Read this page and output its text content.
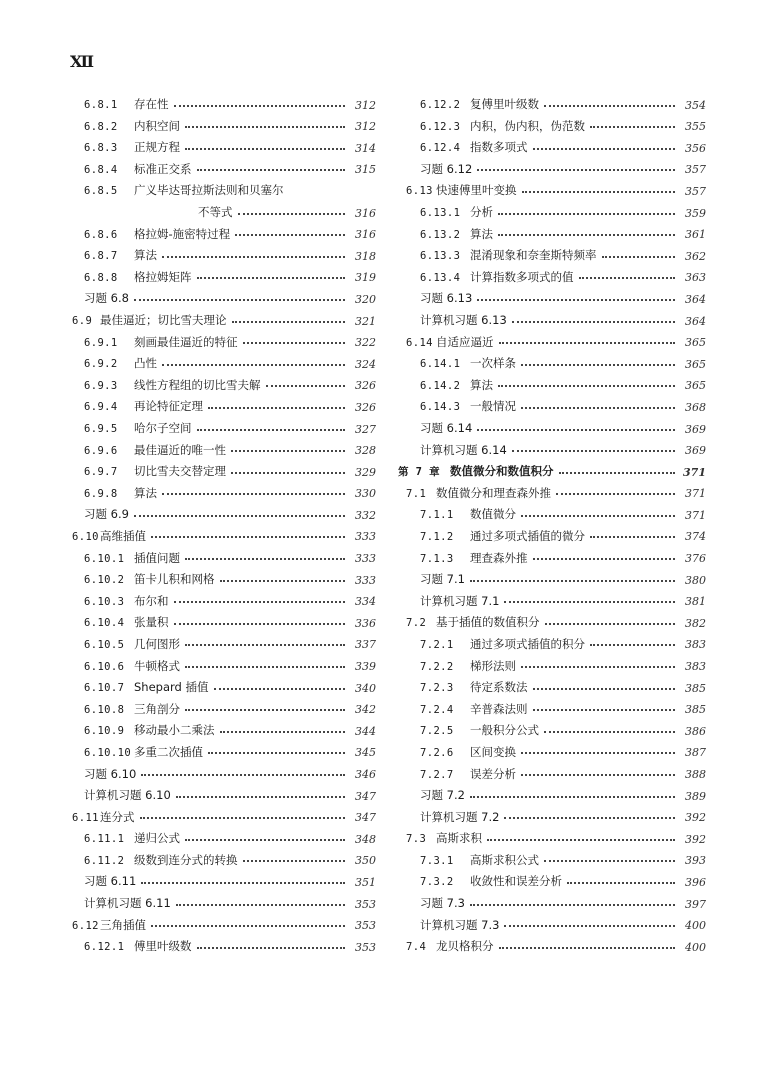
Ⅻ
6.8.1	存在性	312
6.8.2	内积空间	312
6.8.3	正规方程	314
6.8.4	标准正交系	315
6.8.5	广义毕达哥拉斯法则和贝塞尔
不等式	316
6.8.6	格拉姆-施密特过程	316
6.8.7	算法	318
6.8.8	格拉姆矩阵	319
习题 6.8	320
6.9 最佳逼近；切比雪夫理论	321
6.9.1	刻画最佳逼近的特征	322
6.9.2	凸性	324
6.9.3	线性方程组的切比雪夫解	326
6.9.4	再论特征定理	326
6.9.5	哈尔子空间	327
6.9.6	最佳逼近的唯一性	328
6.9.7	切比雪夫交替定理	329
6.9.8	算法	330
习题 6.9	332
6.10 高维插值	333
6.10.1 插值问题	333
6.10.2 笛卡儿积和网格	333
6.10.3 布尔和	334
6.10.4 张量积	336
6.10.5 几何图形	337
6.10.6 牛顿格式	339
6.10.7 Shepard 插值	340
6.10.8 三角剖分	342
6.10.9 移动最小二乘法	344
6.10.10 多重二次插值	345
习题 6.10	346
计算机习题 6.10	347
6.11 连分式	347
6.11.1 递归公式	348
6.11.2 级数到连分式的转换	350
习题 6.11	351
计算机习题 6.11	353
6.12 三角插值	353
6.12.1 傅里叶级数	353
6.12.2 复傅里叶级数	354
6.12.3 内积，伪内积，伪范数	355
6.12.4 指数多项式	356
习题 6.12	357
6.13 快速傅里叶变换	357
6.13.1 分析	359
6.13.2 算法	361
6.13.3 混淆现象和奈奎斯特频率	362
6.13.4 计算指数多项式的值	363
习题 6.13	364
计算机习题 6.13	364
6.14 自适应逼近	365
6.14.1 一次样条	365
6.14.2 算法	365
6.14.3 一般情况	368
习题 6.14	369
计算机习题 6.14	369
第 7 章 数值微分和数值积分	371
7.1 数值微分和理查森外推	371
7.1.1	数值微分	371
7.1.2	通过多项式插值的微分	374
7.1.3	理查森外推	376
习题 7.1	380
计算机习题 7.1	381
7.2 基于插值的数值积分	382
7.2.1	通过多项式插值的积分	383
7.2.2	梯形法则	383
7.2.3	待定系数法	385
7.2.4	辛普森法则	385
7.2.5	一般积分公式	386
7.2.6	区间变换	387
7.2.7	误差分析	388
习题 7.2	389
计算机习题 7.2	392
7.3 高斯求积	392
7.3.1	高斯求积公式	393
7.3.2	收敛性和误差分析	396
习题 7.3	397
计算机习题 7.3	400
7.4 龙贝格积分	400
